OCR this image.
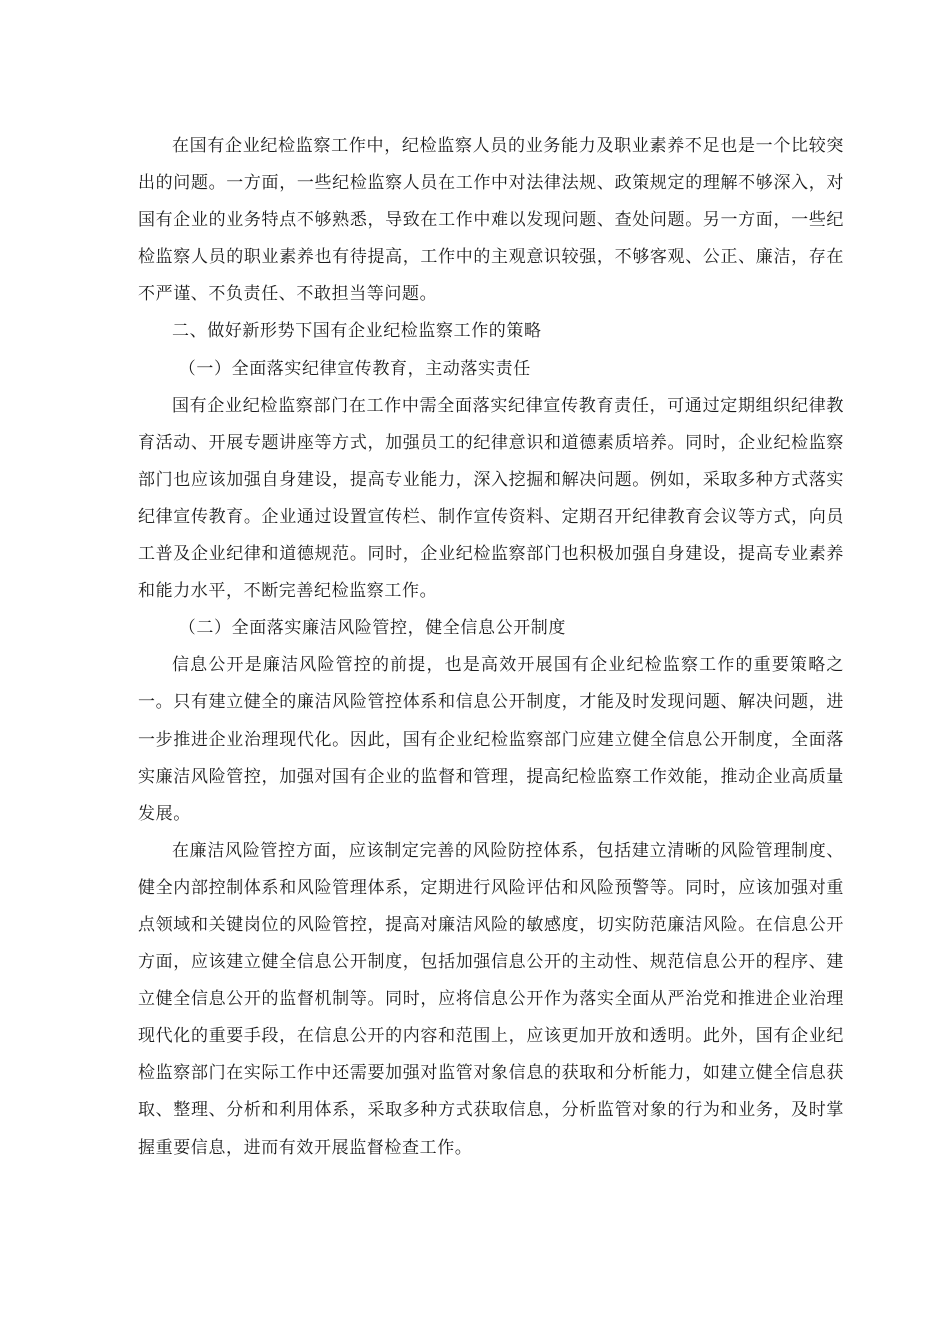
在国有企业纪检监察工作中，纪检监察人员的业务能力及职业素养不足也是一个比较突出的问题。一方面，一些纪检监察人员在工作中对法律法规、政策规定的理解不够深入，对国有企业的业务特点不够熟悉，导致在工作中难以发现问题、查处问题。另一方面，一些纪检监察人员的职业素养也有待提高，工作中的主观意识较强，不够客观、公正、廉洁，存在不严谨、不负责任、不敢担当等问题。

二、做好新形势下国有企业纪检监察工作的策略

（一）全面落实纪律宣传教育，主动落实责任

国有企业纪检监察部门在工作中需全面落实纪律宣传教育责任，可通过定期组织纪律教育活动、开展专题讲座等方式，加强员工的纪律意识和道德素质培养。同时，企业纪检监察部门也应该加强自身建设，提高专业能力，深入挖掘和解决问题。例如，采取多种方式落实纪律宣传教育。企业通过设置宣传栏、制作宣传资料、定期召开纪律教育会议等方式，向员工普及企业纪律和道德规范。同时，企业纪检监察部门也积极加强自身建设，提高专业素养和能力水平，不断完善纪检监察工作。

（二）全面落实廉洁风险管控，健全信息公开制度

信息公开是廉洁风险管控的前提，也是高效开展国有企业纪检监察工作的重要策略之一。只有建立健全的廉洁风险管控体系和信息公开制度，才能及时发现问题、解决问题，进一步推进企业治理现代化。因此，国有企业纪检监察部门应建立健全信息公开制度，全面落实廉洁风险管控，加强对国有企业的监督和管理，提高纪检监察工作效能，推动企业高质量发展。

在廉洁风险管控方面，应该制定完善的风险防控体系，包括建立清晰的风险管理制度、健全内部控制体系和风险管理体系，定期进行风险评估和风险预警等。同时，应该加强对重点领域和关键岗位的风险管控，提高对廉洁风险的敏感度，切实防范廉洁风险。在信息公开方面，应该建立健全信息公开制度，包括加强信息公开的主动性、规范信息公开的程序、建立健全信息公开的监督机制等。同时，应将信息公开作为落实全面从严治党和推进企业治理现代化的重要手段，在信息公开的内容和范围上，应该更加开放和透明。此外，国有企业纪检监察部门在实际工作中还需要加强对监管对象信息的获取和分析能力，如建立健全信息获取、整理、分析和利用体系，采取多种方式获取信息，分析监管对象的行为和业务，及时掌握重要信息，进而有效开展监督检查工作。
